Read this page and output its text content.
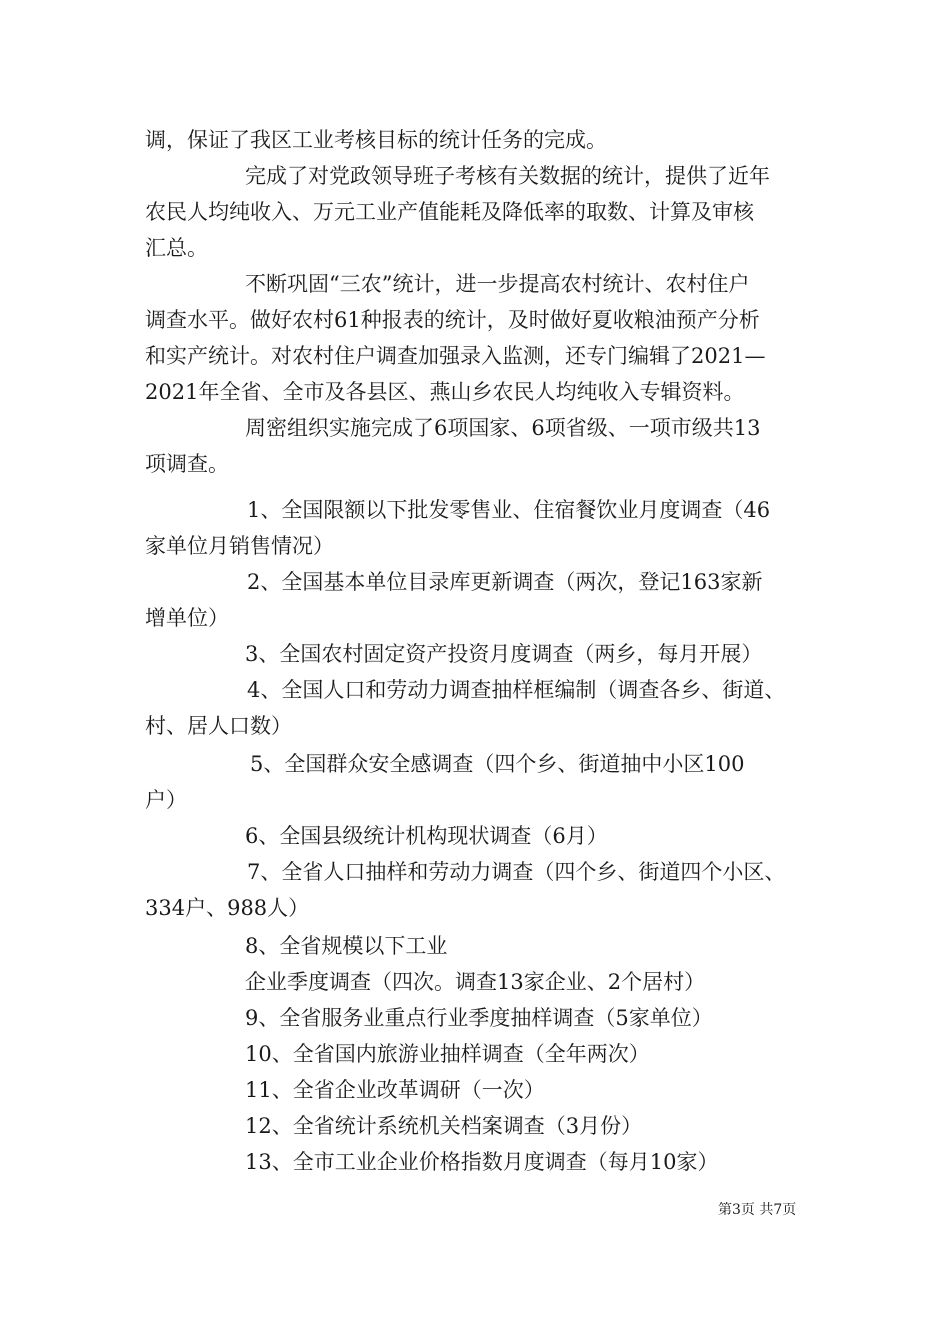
调，保证了我区工业考核目标的统计任务的完成。

完成了对党政领导班子考核有关数据的统计，提供了近年

农民人均纯收入、万元工业产值能耗及降低率的取数、计算及审核

汇总。

不断巩固“三农”统计，进一步提高农村统计、农村住户

调查水平。做好农村61种报表的统计，及时做好夏收粮油预产分析

和实产统计。对农村住户调查加强录入监测，还专门编辑了2021—

2021年全省、全市及各县区、燕山乡农民人均纯收入专辑资料。

周密组织实施完成了6项国家、6项省级、一项市级共13

项调查。

1、全国限额以下批发零售业、住宿餐饮业月度调查（46

家单位月销售情况）

2、全国基本单位目录库更新调查（两次，登记163家新

增单位）

3、全国农村固定资产投资月度调查（两乡，每月开展）

4、全国人口和劳动力调查抽样框编制（调查各乡、街道、

村、居人口数）

5、全国群众安全感调查（四个乡、街道抽中小区100

户）

6、全国县级统计机构现状调查（6月）

7、全省人口抽样和劳动力调查（四个乡、街道四个小区、

334户、988人）

8、全省规模以下工业

企业季度调查（四次。调查13家企业、2个居村）

9、全省服务业重点行业季度抽样调查（5家单位）

10、全省国内旅游业抽样调查（全年两次）

11、全省企业改革调研（一次）

12、全省统计系统机关档案调查（3月份）

13、全市工业企业价格指数月度调查（每月10家）

第3页 共7页
